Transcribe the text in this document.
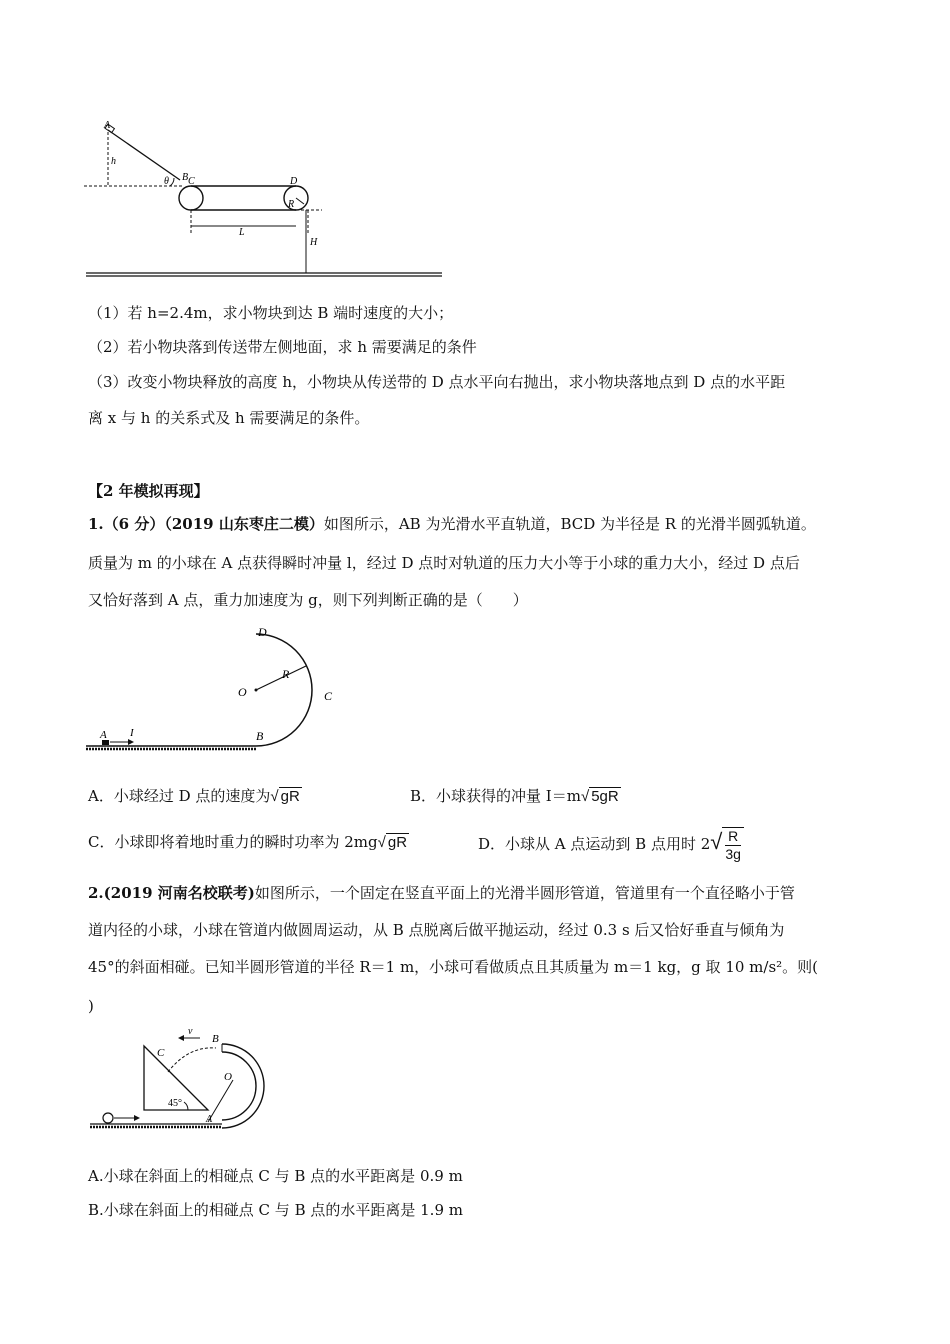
A
h
B
θ C	D
R
L
H
（1）若 h=2.4m，求小物块到达 B 端时速度的大小；
（2）若小物块落到传送带左侧地面，求 h 需要满足的条件
（3）改变小物块释放的高度 h，小物块从传送带的 D 点水平向右抛出，求小物块落地点到 D 点的水平距
离 x 与 h 的关系式及 h 需要满足的条件。
【2 年模拟再现】
1.（6 分）（2019 山东枣庄二模）如图所示，AB 为光滑水平直轨道，BCD 为半径是 R 的光滑半圆弧轨道。
质量为 m 的小球在 A 点获得瞬时冲量 l，经过 D 点时对轨道的压力大小等于小球的重力大小，经过 D 点后
又恰好落到 A 点，重力加速度为 g，则下列判断正确的是（　　）
D
O
R
C
A I	B
A．小球经过 D 点的速度为√ gR	B．小球获得的冲量 I＝m√ 5gR
C．小球即将着地时重力的瞬时功率为 2mg√ gR	D．小球从 A 点运动到 B 点用时 $2√ \frac{R}{3g}$
2.(2019 河南名校联考)如图所示，一个固定在竖直平面上的光滑半圆形管道，管道里有一个直径略小于管
道内径的小球，小球在管道内做圆周运动，从 B 点脱离后做平抛运动，经过 0.3 s 后又恰好垂直与倾角为
45°的斜面相碰。已知半圆形管道的半径 R＝1 m，小球可看做质点且其质量为 m＝1 kg，g 取 10 m/s²。则(
)
v
B
C
O
45°
A
A.小球在斜面上的相碰点 C 与 B 点的水平距离是 0.9 m
B.小球在斜面上的相碰点 C 与 B 点的水平距离是 1.9 m
